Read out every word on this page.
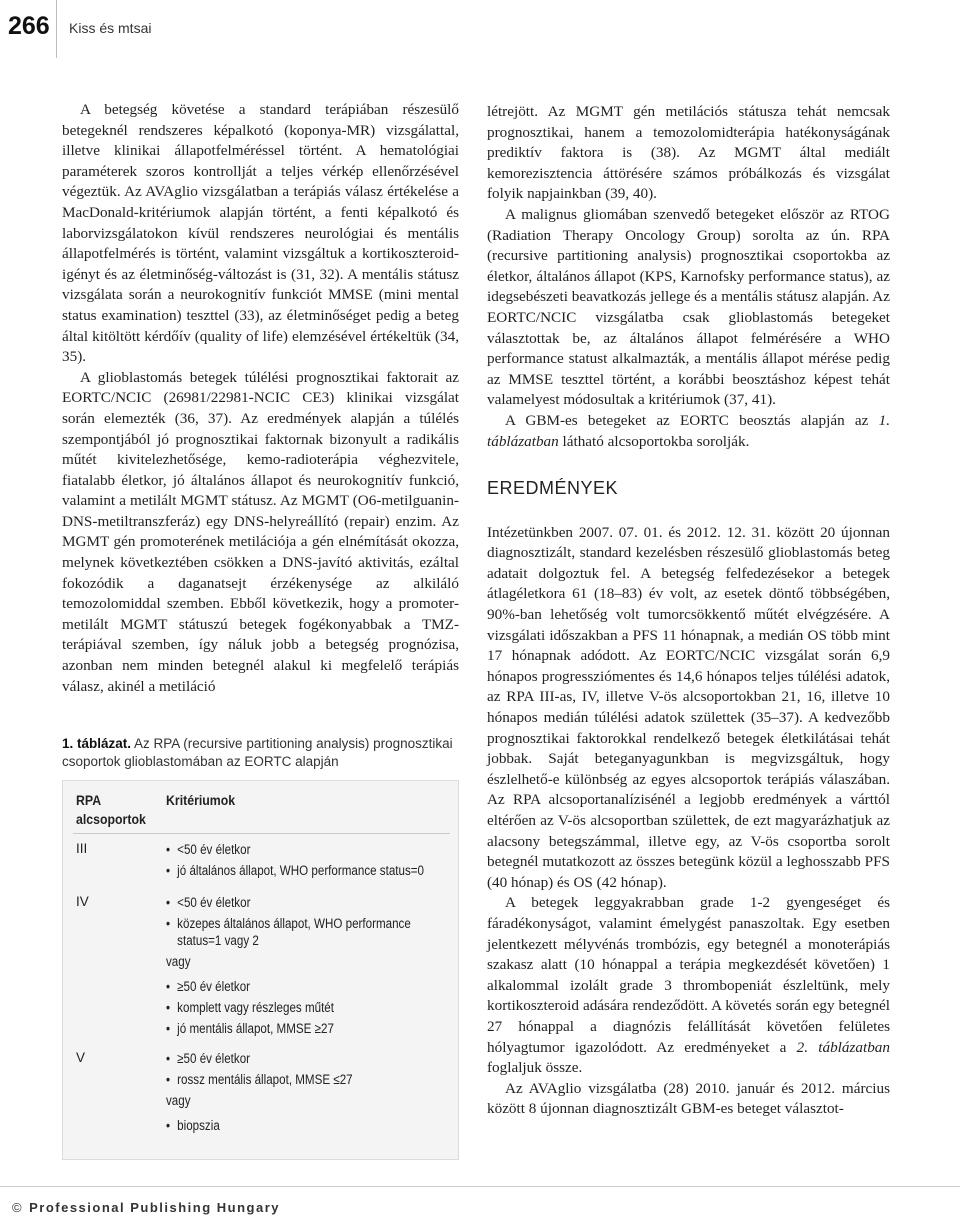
266	Kiss és mtsai

A betegség követése a standard terápiában részesülő betegeknél rendszeres képalkotó (koponya-MR) vizsgálattal, illetve klinikai állapotfelméréssel történt. A hematológiai paraméterek szoros kontrollját a teljes vérkép ellenőrzésével végeztük. Az AVAglio vizsgálatban a terápiás válasz értékelése a MacDonald-kritériumok alapján történt, a fenti képalkotó és laborvizsgálatokon kívül rendszeres neurológiai és mentális állapotfelmérés is történt, valamint vizsgáltuk a kortikoszteroid-igényt és az életminőség-változást is (31, 32). A mentális státusz vizsgálata során a neurokognitív funkciót MMSE (mini mental status examination) teszttel (33), az életminőséget pedig a beteg által kitöltött kérdőív (quality of life) elemzésével értékeltük (34, 35).

A glioblastomás betegek túlélési prognosztikai faktorait az EORTC/NCIC (26981/22981-NCIC CE3) klinikai vizsgálat során elemezték (36, 37). Az eredmények alapján a túlélés szempontjából jó prognosztikai faktornak bizonyult a radikális műtét kivitelezhetősége, kemo-radioterápia véghezvitele, fiatalabb életkor, jó általános állapot és neurokognitív funkció, valamint a metilált MGMT státusz. Az MGMT (O6-metilguanin-DNS-metiltranszferáz) egy DNS-helyreállító (repair) enzim. Az MGMT gén promoterének metilációja a gén elnémítását okozza, melynek következtében csökken a DNS-javító aktivitás, ezáltal fokozódik a daganatsejt érzékenysége az alkiláló temozolomiddal szemben. Ebből következik, hogy a promoter-metilált MGMT státuszú betegek fogékonyabbak a TMZ-terápiával szemben, így náluk jobb a betegség prognózisa, azonban nem minden betegnél alakul ki megfelelő terápiás válasz, akinél a metiláció

1. táblázat. Az RPA (recursive partitioning analysis) prognosztikai csoportok glioblastomában az EORTC alapján
RPA alcsoportok
Kritériumok
III	• <50 év életkor
• jó általános állapot, WHO performance status=0
IV	• <50 év életkor
• közepes általános állapot, WHO performance
status=1 vagy 2
vagy
• ≥50 év életkor
• komplett vagy részleges műtét
• jó mentális állapot, MMSE ≥27
V	• ≥50 év életkor
• rossz mentális állapot, MMSE ≤27
vagy
• biopszia

létrejött. Az MGMT gén metilációs státusza tehát nemcsak prognosztikai, hanem a temozolomidterápia hatékonyságának prediktív faktora is (38). Az MGMT által mediált kemorezisztencia áttörésére számos próbálkozás és vizsgálat folyik napjainkban (39, 40).

A malignus gliomában szenvedő betegeket először az RTOG (Radiation Therapy Oncology Group) sorolta az ún. RPA (recursive partitioning analysis) prognosztikai csoportokba az életkor, általános állapot (KPS, Karnofsky performance status), az idegsebészeti beavatkozás jellege és a mentális státusz alapján. Az EORTC/NCIC vizsgálatba csak glioblastomás betegeket választottak be, az általános állapot felmérésére a WHO performance statust alkalmazták, a mentális állapot mérése pedig az MMSE teszttel történt, a korábbi beosztáshoz képest tehát valamelyest módosultak a kritériumok (37, 41).

A GBM-es betegeket az EORTC beosztás alapján az 1. táblázatban látható alcsoportokba sorolják.

EREDMÉNYEK

Intézetünkben 2007. 07. 01. és 2012. 12. 31. között 20 újonnan diagnosztizált, standard kezelésben részesülő glioblastomás beteg adatait dolgoztuk fel. A betegség felfedezésekor a betegek átlagéletkora 61 (18–83) év volt, az esetek döntő többségében, 90%-ban lehetőség volt tumorcsökkentő műtét elvégzésére. A vizsgálati időszakban a PFS 11 hónapnak, a medián OS több mint 17 hónapnak adódott. Az EORTC/NCIC vizsgálat során 6,9 hónapos progressziómentes és 14,6 hónapos teljes túlélési adatok, az RPA III-as, IV, illetve V-ös alcsoportokban 21, 16, illetve 10 hónapos medián túlélési adatok születtek (35–37). A kedvezőbb prognosztikai faktorokkal rendelkező betegek életkilátásai tehát jobbak. Saját beteganyagunkban is megvizsgáltuk, hogy észlelhető-e különbség az egyes alcsoportok terápiás válaszában. Az RPA alcsoportanalízisénél a legjobb eredmények a várttól eltérően az V-ös alcsoportban születtek, de ezt magyarázhatjuk az alacsony betegszámmal, illetve egy, az V-ös csoportba sorolt betegnél mutatkozott az összes betegünk közül a leghosszabb PFS (40 hónap) és OS (42 hónap).

A betegek leggyakrabban grade 1-2 gyengeséget és fáradékonyságot, valamint émelygést panaszoltak. Egy esetben jelentkezett mélyvénás trombózis, egy betegnél a monoterápiás szakasz alatt (10 hónappal a terápia megkezdését követően) 1 alkalommal izolált grade 3 thrombopeniát észleltünk, mely kortikoszteroid adására rendeződött. A követés során egy betegnél 27 hónappal a diagnózis felállítását követően felületes hólyagtumor igazolódott. Az eredményeket a 2. táblázatban foglaljuk össze.

Az AVAglio vizsgálatba (28) 2010. január és 2012. március között 8 újonnan diagnosztizált GBM-es beteget választot-

© Professional Publishing Hungary
